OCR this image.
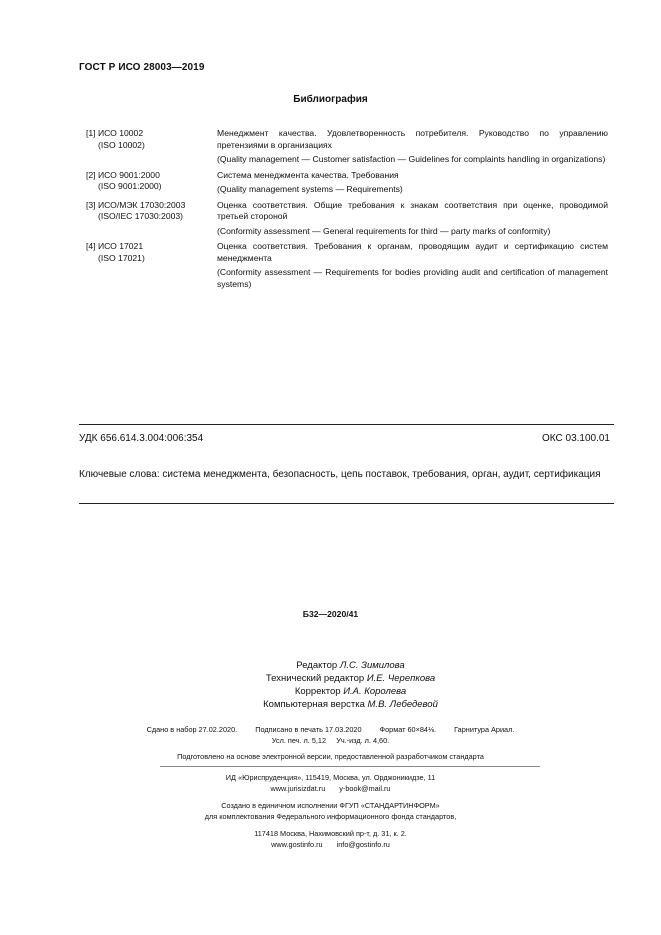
ГОСТ Р ИСО 28003—2019
Библиография
[1] ИСО 10002
(ISO 10002)

Менеджмент качества. Удовлетворенность потребителя. Руководство по управлению претензиями в организациях

(Quality management — Customer satisfaction — Guidelines for complaints handling in organizations)

[2] ИСО 9001:2000
(ISO 9001:2000)

Система менеджмента качества. Требования

(Quality management systems — Requirements)

[3] ИСО/МЭК 17030:2003
(ISO/IEC 17030:2003)

Оценка соответствия. Общие требования к знакам соответствия при оценке, проводимой третьей стороной

(Conformity assessment — General requirements for third — party marks of conformity)

[4] ИСО 17021
(ISO 17021)

Оценка соответствия. Требования к органам, проводящим аудит и сертификацию систем менеджмента

(Conformity assessment — Requirements for bodies providing audit and certification of management systems)

УДК 656.614.3.004:006:354	ОКС 03.100.01
Ключевые слова: система менеджмента, безопасность, цепь поставок, требования, орган, аудит, сертификация
Б32—2020/41
Редактор Л.С. Зимилова
Технический редактор И.Е. Черепкова
Корректор И.А. Королева
Компьютерная верстка М.В. Лебедевой
Сдано в набор 27.02.2020. Подписано в печать 17.03.2020 Формат 60×84⅛. Гарнитура Ариал.
Усл. печ. л. 5,12 Уч.-изд. л. 4,60.
Подготовлено на основе электронной версии, предоставленной разработчиком стандарта
ИД «Юриспруденция», 115419, Москва, ул. Орджоникидзе, 11
www.jurisizdat.ru y-book@mail.ru
Создано в единичном исполнении ФГУП «СТАНДАРТИНФОРМ»
для комплектования Федерального информационного фонда стандартов,
117418 Москва, Нахимовский пр-т, д. 31, к. 2.
www.gostinfo.ru info@gostinfo.ru
